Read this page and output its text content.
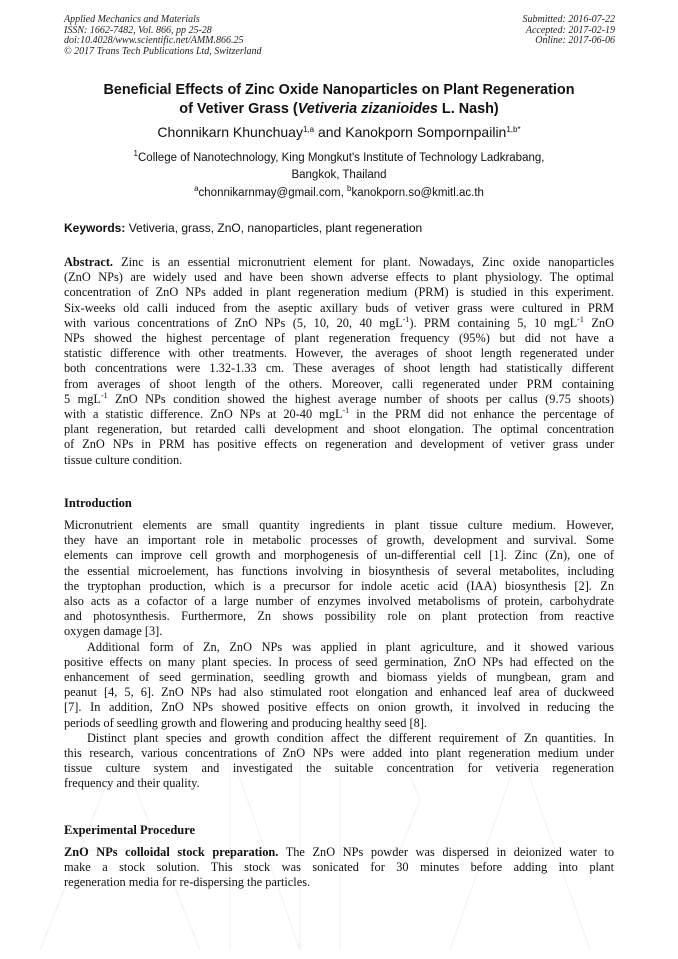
Applied Mechanics and Materials
ISSN: 1662-7482, Vol. 866, pp 25-28
doi:10.4028/www.scientific.net/AMM.866.25
© 2017 Trans Tech Publications Ltd, Switzerland
Submitted: 2016-07-22
Accepted: 2017-02-19
Online: 2017-06-06
Beneficial Effects of Zinc Oxide Nanoparticles on Plant Regeneration
of Vetiver Grass (Vetiveria zizanioides L. Nash)
Chonnikarn Khunchuay$^{1,a}$ and Kanokporn Sompornpailin$^{1,b*}$
$^1$College of Nanotechnology, King Mongkut's Institute of Technology Ladkrabang,
Bangkok, Thailand
$^a$chonnikarnmay@gmail.com, $^b$kanokporn.so@kmitl.ac.th
Keywords: Vetiveria, grass, ZnO, nanoparticles, plant regeneration
Abstract. Zinc is an essential micronutrient element for plant. Nowadays, Zinc oxide nanoparticles
(ZnO NPs) are widely used and have been shown adverse effects to plant physiology. The optimal
concentration of ZnO NPs added in plant regeneration medium (PRM) is studied in this experiment.
Six-weeks old calli induced from the aseptic axillary buds of vetiver grass were cultured in PRM
with various concentrations of ZnO NPs (5, 10, 20, 40 mgL$^{-1}$). PRM containing 5, 10 mgL$^{-1}$ ZnO
NPs showed the highest percentage of plant regeneration frequency (95%) but did not have a
statistic difference with other treatments. However, the averages of shoot length regenerated under
both concentrations were 1.32-1.33 cm. These averages of shoot length had statistically different
from averages of shoot length of the others. Moreover, calli regenerated under PRM containing
5 mgL$^{-1}$ ZnO NPs condition showed the highest average number of shoots per callus (9.75 shoots)
with a statistic difference. ZnO NPs at 20-40 mgL$^{-1}$ in the PRM did not enhance the percentage of
plant regeneration, but retarded calli development and shoot elongation. The optimal concentration
of ZnO NPs in PRM has positive effects on regeneration and development of vetiver grass under
tissue culture condition.
Introduction
Micronutrient elements are small quantity ingredients in plant tissue culture medium. However,
they have an important role in metabolic processes of growth, development and survival. Some
elements can improve cell growth and morphogenesis of un-differential cell [1]. Zinc (Zn), one of
the essential microelement, has functions involving in biosynthesis of several metabolites, including
the tryptophan production, which is a precursor for indole acetic acid (IAA) biosynthesis [2]. Zn
also acts as a cofactor of a large number of enzymes involved metabolisms of protein, carbohydrate
and photosynthesis. Furthermore, Zn shows possibility role on plant protection from reactive
oxygen damage [3].
Additional form of Zn, ZnO NPs was applied in plant agriculture, and it showed various
positive effects on many plant species. In process of seed germination, ZnO NPs had effected on the
enhancement of seed germination, seedling growth and biomass yields of mungbean, gram and
peanut [4, 5, 6]. ZnO NPs had also stimulated root elongation and enhanced leaf area of duckweed
[7]. In addition, ZnO NPs showed positive effects on onion growth, it involved in reducing the
periods of seedling growth and flowering and producing healthy seed [8].
Distinct plant species and growth condition affect the different requirement of Zn quantities. In
this research, various concentrations of ZnO NPs were added into plant regeneration medium under
tissue culture system and investigated the suitable concentration for vetiveria regeneration
frequency and their quality.
Experimental Procedure
ZnO NPs colloidal stock preparation. The ZnO NPs powder was dispersed in deionized water to
make a stock solution. This stock was sonicated for 30 minutes before adding into plant
regeneration media for re-dispersing the particles.
